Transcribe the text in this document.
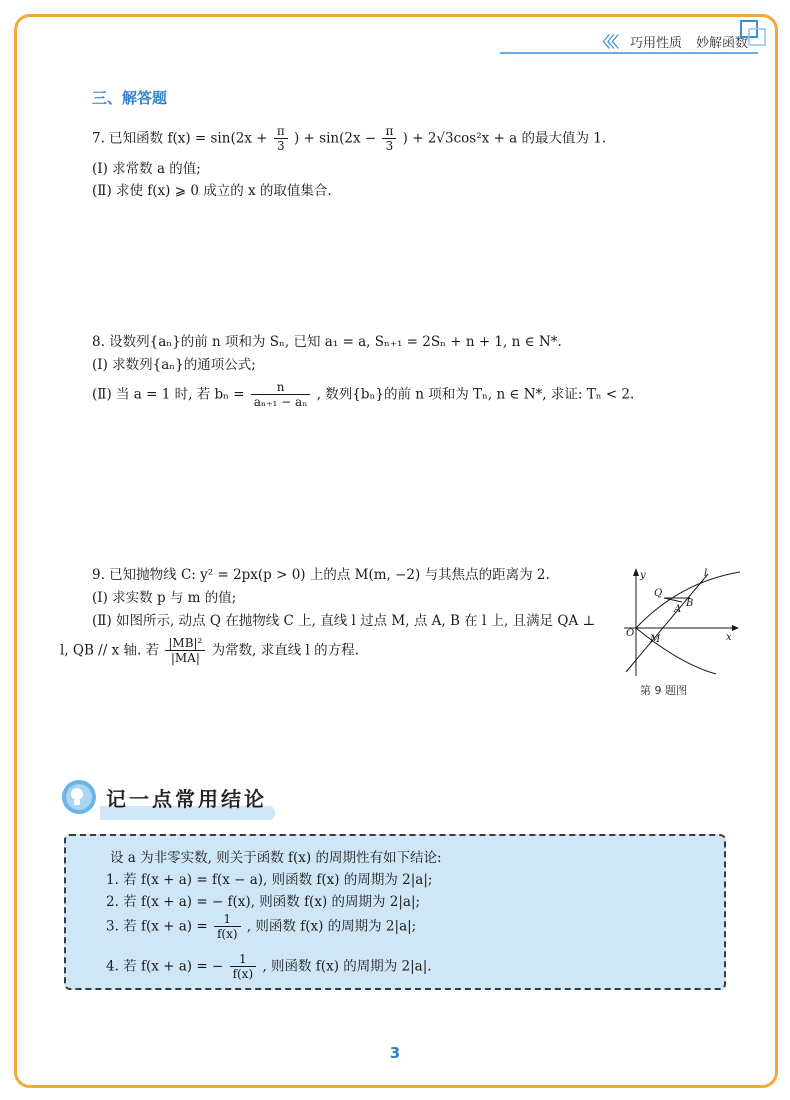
〈〈〈 巧用性质 妙解函数
三、解答题
7. 已知函数 $f(x) = \sin(2x + \frac{\pi}{3}$ ) + $\sin(2x - \frac{\pi}{3}$ ) + 2√3cos²x + a 的最大值为 1.
(Ⅰ) 求常数 a 的值;
(Ⅱ) 求使 f(x) ⩾ 0 成立的 x 的取值集合.
8. 设数列{aₙ}的前 n 项和为 Sₙ, 已知 a₁ = a, Sₙ₊₁ = 2Sₙ + n + 1, n ∈ N*.
(Ⅰ) 求数列{aₙ}的通项公式;
(Ⅱ) 当 a = 1 时, 若 $b_n = \frac{n}{\text{aₙ₊₁ − aₙ}}$ , 数列{bₙ}的前 n 项和为 Tₙ, n ∈ N*, 求证: Tₙ < 2.
9. 已知抛物线 C: y² = 2px(p > 0) 上的点 M(m, −2) 与其焦点的距离为 2.
(Ⅰ) 求实数 p 与 m 的值;
(Ⅱ) 如图所示, 动点 Q 在抛物线 C 上, 直线 l 过点 M, 点 A, B 在 l 上, 且满足 QA ⊥
l, QB // x 轴. 若 $\frac{\text{|MB|²}}{|MA|}$ 为常数, 求直线 l 的方程.
y
x
l
Q
A
B
O
M
第 9 题图
记一点常用结论
设 a 为非零实数, 则关于函数 f(x) 的周期性有如下结论:
1. 若 f(x + a) = f(x − a), 则函数 f(x) 的周期为 2|a|;
2. 若 f(x + a) = − f(x), 则函数 f(x) 的周期为 2|a|;
3. 若 $f(x + a) = \frac{1}{f(x)}$ , 则函数 f(x) 的周期为 2|a|;
4. 若 f(x + a) = − $\frac{1}{f(x)}$ , 则函数 f(x) 的周期为 2|a|.
3
